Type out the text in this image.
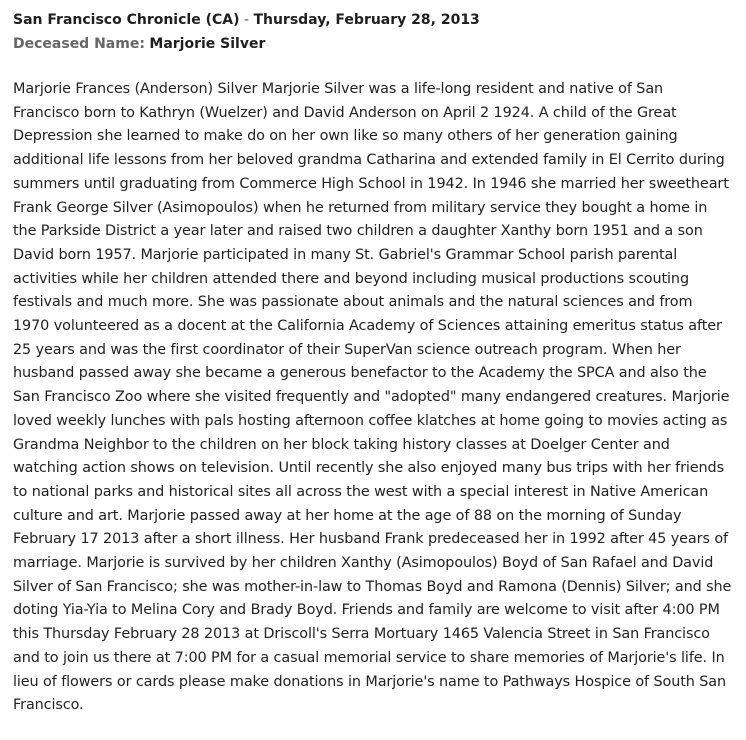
San Francisco Chronicle (CA) - Thursday, February 28, 2013
Deceased Name: Marjorie Silver

Marjorie Frances (Anderson) Silver Marjorie Silver was a life-long resident and native of San Francisco born to Kathryn (Wuelzer) and David Anderson on April 2 1924. A child of the Great Depression she learned to make do on her own like so many others of her generation gaining additional life lessons from her beloved grandma Catharina and extended family in El Cerrito during summers until graduating from Commerce High School in 1942. In 1946 she married her sweetheart Frank George Silver (Asimopoulos) when he returned from military service they bought a home in the Parkside District a year later and raised two children a daughter Xanthy born 1951 and a son David born 1957. Marjorie participated in many St. Gabriel's Grammar School parish parental activities while her children attended there and beyond including musical productions scouting festivals and much more. She was passionate about animals and the natural sciences and from 1970 volunteered as a docent at the California Academy of Sciences attaining emeritus status after 25 years and was the first coordinator of their SuperVan science outreach program. When her husband passed away she became a generous benefactor to the Academy the SPCA and also the San Francisco Zoo where she visited frequently and "adopted" many endangered creatures. Marjorie loved weekly lunches with pals hosting afternoon coffee klatches at home going to movies acting as Grandma Neighbor to the children on her block taking history classes at Doelger Center and watching action shows on television. Until recently she also enjoyed many bus trips with her friends to national parks and historical sites all across the west with a special interest in Native American culture and art. Marjorie passed away at her home at the age of 88 on the morning of Sunday February 17 2013 after a short illness. Her husband Frank predeceased her in 1992 after 45 years of marriage. Marjorie is survived by her children Xanthy (Asimopoulos) Boyd of San Rafael and David Silver of San Francisco; she was mother-in-law to Thomas Boyd and Ramona (Dennis) Silver; and she doting Yia-Yia to Melina Cory and Brady Boyd. Friends and family are welcome to visit after 4:00 PM this Thursday February 28 2013 at Driscoll's Serra Mortuary 1465 Valencia Street in San Francisco and to join us there at 7:00 PM for a casual memorial service to share memories of Marjorie's life. In lieu of flowers or cards please make donations in Marjorie's name to Pathways Hospice of South San Francisco.
